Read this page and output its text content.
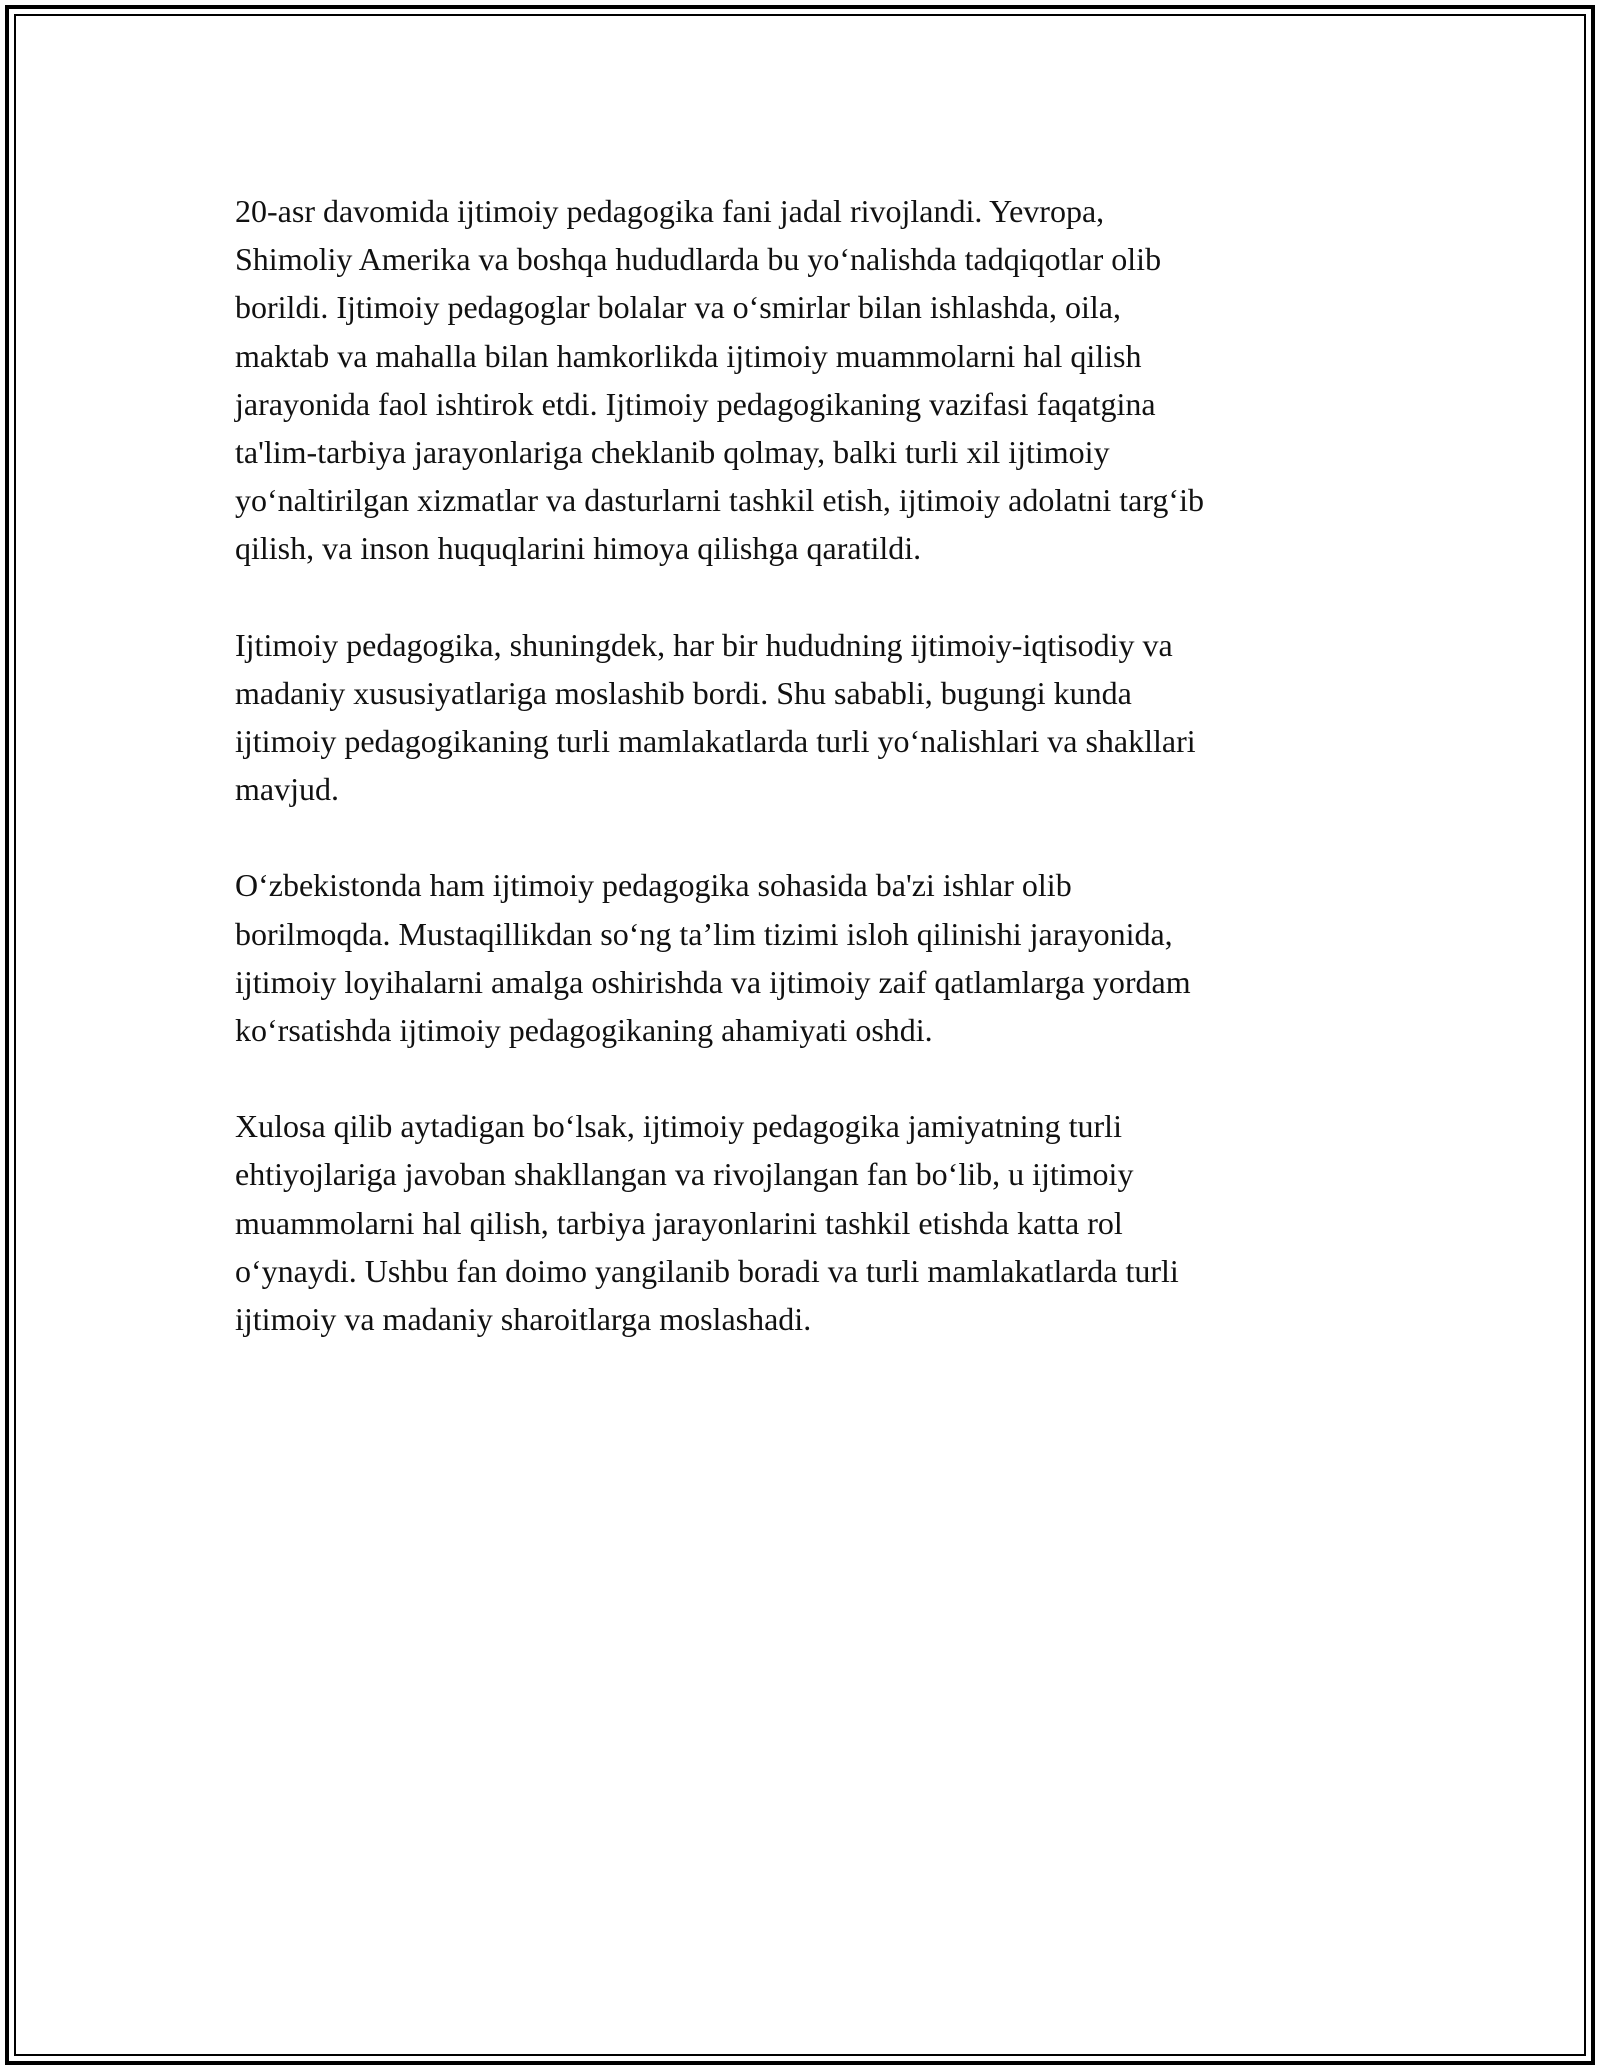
20-asr davomida ijtimoiy pedagogika fani jadal rivojlandi. Yevropa,
Shimoliy Amerika va boshqa hududlarda bu yo‘nalishda tadqiqotlar olib
borildi. Ijtimoiy pedagoglar bolalar va o‘smirlar bilan ishlashda, oila,
maktab va mahalla bilan hamkorlikda ijtimoiy muammolarni hal qilish
jarayonida faol ishtirok etdi. Ijtimoiy pedagogikaning vazifasi faqatgina
ta'lim-tarbiya jarayonlariga cheklanib qolmay, balki turli xil ijtimoiy
yo‘naltirilgan xizmatlar va dasturlarni tashkil etish, ijtimoiy adolatni targ‘ib
qilish, va inson huquqlarini himoya qilishga qaratildi.

Ijtimoiy pedagogika, shuningdek, har bir hududning ijtimoiy-iqtisodiy va
madaniy xususiyatlariga moslashib bordi. Shu sababli, bugungi kunda
ijtimoiy pedagogikaning turli mamlakatlarda turli yo‘nalishlari va shakllari
mavjud.

O‘zbekistonda ham ijtimoiy pedagogika sohasida ba'zi ishlar olib
borilmoqda. Mustaqillikdan so‘ng ta’lim tizimi isloh qilinishi jarayonida,
ijtimoiy loyihalarni amalga oshirishda va ijtimoiy zaif qatlamlarga yordam
ko‘rsatishda ijtimoiy pedagogikaning ahamiyati oshdi.

Xulosa qilib aytadigan bo‘lsak, ijtimoiy pedagogika jamiyatning turli
ehtiyojlariga javoban shakllangan va rivojlangan fan bo‘lib, u ijtimoiy
muammolarni hal qilish, tarbiya jarayonlarini tashkil etishda katta rol
o‘ynaydi. Ushbu fan doimo yangilanib boradi va turli mamlakatlarda turli
ijtimoiy va madaniy sharoitlarga moslashadi.
